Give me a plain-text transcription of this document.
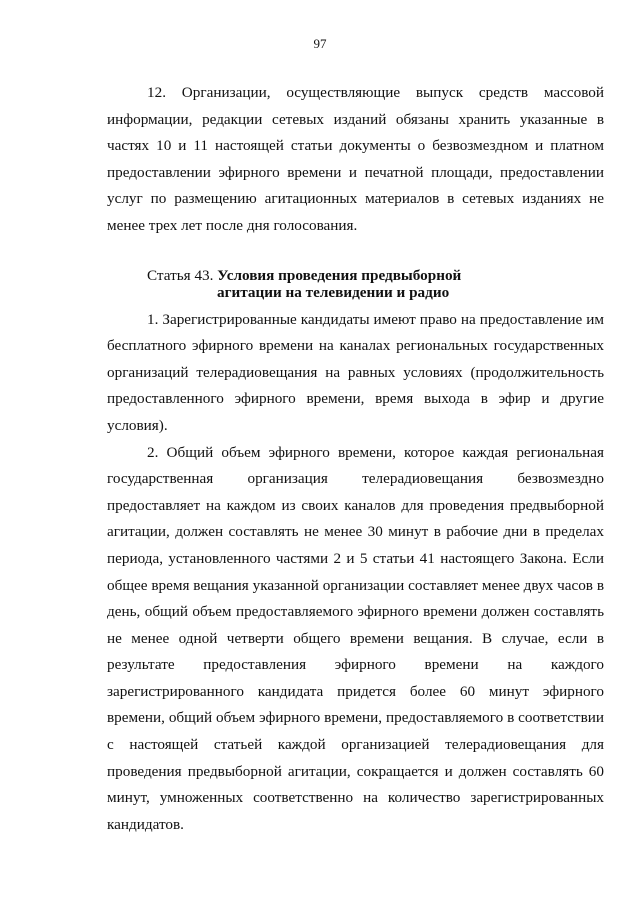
97

12. Организации, осуществляющие выпуск средств массовой информации, редакции сетевых изданий обязаны хранить указанные в частях 10 и 11 настоящей статьи документы о безвозмездном и платном предоставлении эфирного времени и печатной площади, предоставлении услуг по размещению агитационных материалов в сетевых изданиях не менее трех лет после дня голосования.

Статья 43. Условия проведения предвыборной
агитации на телевидении и радио

1. Зарегистрированные кандидаты имеют право на предоставление им бесплатного эфирного времени на каналах региональных государственных организаций телерадиовещания на равных условиях (продолжительность предоставленного эфирного времени, время выхода в эфир и другие условия).

2. Общий объем эфирного времени, которое каждая региональная государственная организация телерадиовещания безвозмездно предоставляет на каждом из своих каналов для проведения предвыборной агитации, должен составлять не менее 30 минут в рабочие дни в пределах периода, установленного частями 2 и 5 статьи 41 настоящего Закона. Если общее время вещания указанной организации составляет менее двух часов в день, общий объем предоставляемого эфирного времени должен составлять не менее одной четверти общего времени вещания. В случае, если в результате предоставления эфирного времени на каждого зарегистрированного кандидата придется более 60 минут эфирного времени, общий объем эфирного времени, предоставляемого в соответствии с настоящей статьей каждой организацией телерадиовещания для проведения предвыборной агитации, сокращается и должен составлять 60 минут, умноженных соответственно на количество зарегистрированных кандидатов.
